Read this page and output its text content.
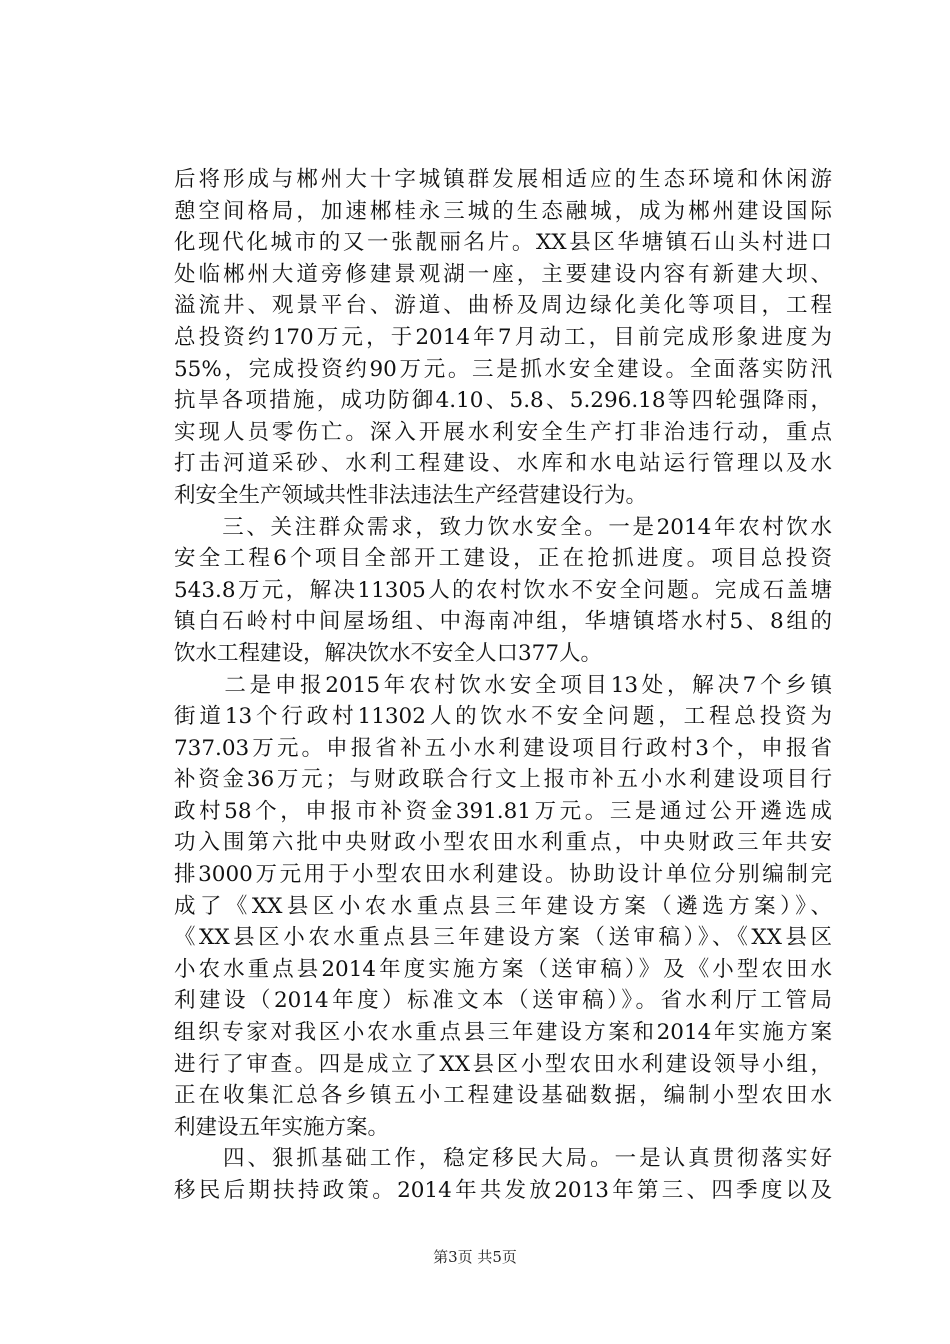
后将形成与郴州大十字城镇群发展相适应的生态环境和休闲游
憩空间格局，加速郴桂永三城的生态融城，成为郴州建设国际
化现代化城市的又一张靓丽名片。XX县区华塘镇石山头村进口
处临郴州大道旁修建景观湖一座，主要建设内容有新建大坝、
溢流井、观景平台、游道、曲桥及周边绿化美化等项目，工程
总投资约170万元，于2014年7月动工，目前完成形象进度为
55%，完成投资约90万元。三是抓水安全建设。全面落实防汛
抗旱各项措施，成功防御4.10、5.8、5.296.18等四轮强降雨，
实现人员零伤亡。深入开展水利安全生产打非治违行动，重点
打击河道采砂、水利工程建设、水库和水电站运行管理以及水
利安全生产领域共性非法违法生产经营建设行为。
　　三、关注群众需求，致力饮水安全。一是2014年农村饮水
安全工程6个项目全部开工建设，正在抢抓进度。项目总投资
543.8万元，解决11305人的农村饮水不安全问题。完成石盖塘
镇白石岭村中间屋场组、中海南冲组，华塘镇塔水村5、8组的
饮水工程建设，解决饮水不安全人口377人。
　　二是申报2015年农村饮水安全项目13处，解决7个乡镇
街道13个行政村11302人的饮水不安全问题，工程总投资为
737.03万元。申报省补五小水利建设项目行政村3个，申报省
补资金36万元；与财政联合行文上报市补五小水利建设项目行
政村58个，申报市补资金391.81万元。三是通过公开遴选成
功入围第六批中央财政小型农田水利重点，中央财政三年共安
排3000万元用于小型农田水利建设。协助设计单位分别编制完
成了《XX县区小农水重点县三年建设方案（遴选方案）》、
《XX县区小农水重点县三年建设方案（送审稿）》、《XX县区
小农水重点县2014年度实施方案（送审稿）》及《小型农田水
利建设（2014年度）标准文本（送审稿）》。省水利厅工管局
组织专家对我区小农水重点县三年建设方案和2014年实施方案
进行了审查。四是成立了XX县区小型农田水利建设领导小组，
正在收集汇总各乡镇五小工程建设基础数据，编制小型农田水
利建设五年实施方案。
　　四、狠抓基础工作，稳定移民大局。一是认真贯彻落实好
移民后期扶持政策。2014年共发放2013年第三、四季度以及
第3页 共5页
